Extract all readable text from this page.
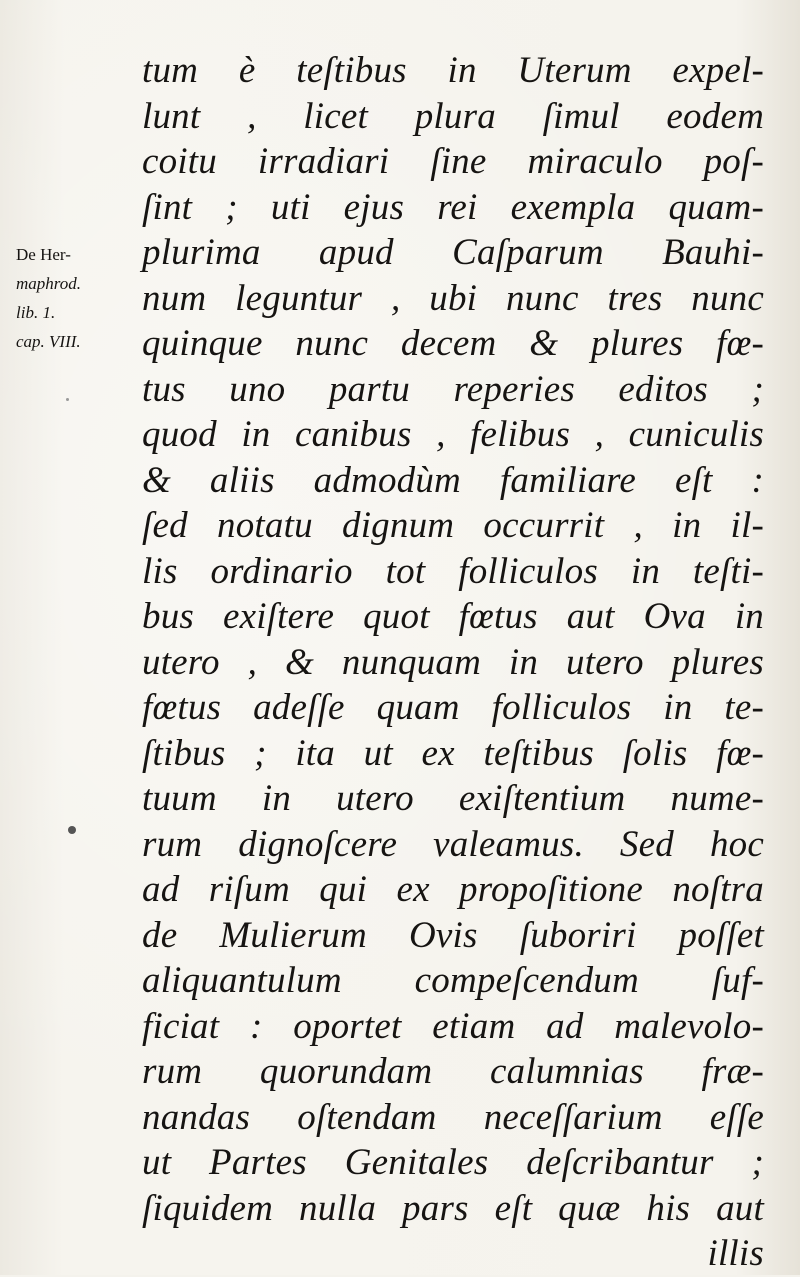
De Her-
maphrod.
lib. 1.
cap. VIII.
tum è teſtibus in Uterum expel-
lunt , licet plura ſimul eodem
coitu irradiari ſine miraculo poſ-
ſint ; uti ejus rei exempla quam-
plurima apud Caſparum Bauhi-
num leguntur , ubi nunc tres nunc
quinque nunc decem & plures fœ-
tus uno partu reperies editos ;
quod in canibus , felibus , cuniculis
& aliis admodùm familiare eſt :
ſed notatu dignum occurrit , in il-
lis ordinario tot folliculos in teſti-
bus exiſtere quot fœtus aut Ova in
utero , & nunquam in utero plures
fœtus adeſſe quam folliculos in te-
ſtibus ; ita ut ex teſtibus ſolis fœ-
tuum in utero exiſtentium nume-
rum dignoſcere valeamus. Sed hoc
ad riſum qui ex propoſitione noſtra
de Mulierum Ovis ſuboriri poſſet
aliquantulum compeſcendum ſuf-
ficiat : oportet etiam ad malevolo-
rum quorundam calumnias fræ-
nandas oſtendam neceſſarium eſſe
ut Partes Genitales deſcribantur ;
ſiquidem nulla pars eſt quæ his aut
illis
